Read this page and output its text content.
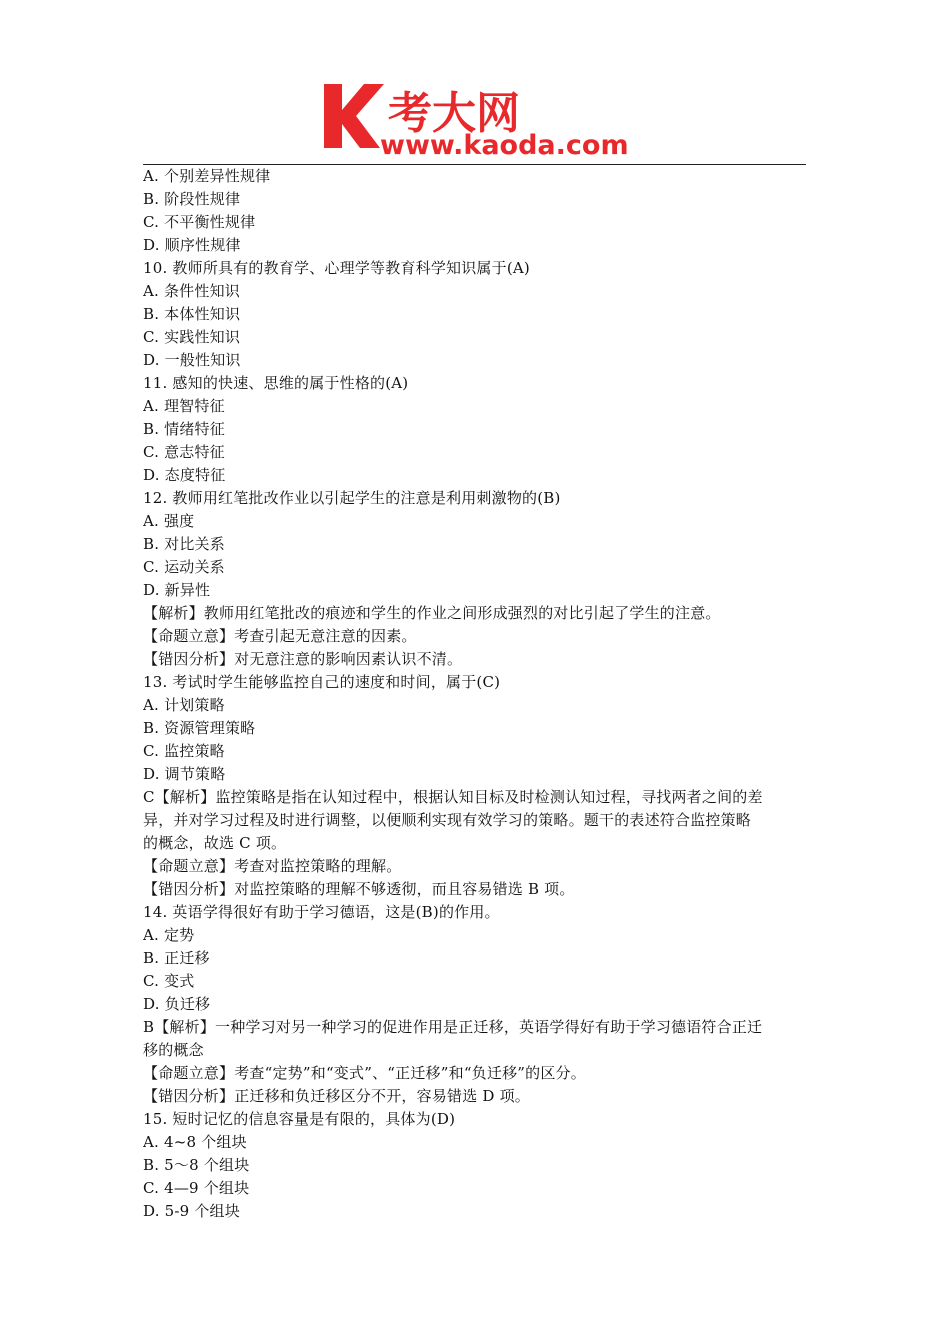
考大网
www.kaoda.com
A. 个别差异性规律
B. 阶段性规律
C. 不平衡性规律
D. 顺序性规律
10. 教师所具有的教育学、心理学等教育科学知识属于(A)
A. 条件性知识
B. 本体性知识
C. 实践性知识
D. 一般性知识
11. 感知的快速、思维的属于性格的(A)
A. 理智特征
B. 情绪特征
C. 意志特征
D. 态度特征
12. 教师用红笔批改作业以引起学生的注意是利用刺激物的(B)
A. 强度
B. 对比关系
C. 运动关系
D. 新异性
【解析】教师用红笔批改的痕迹和学生的作业之间形成强烈的对比引起了学生的注意。
【命题立意】考查引起无意注意的因素。
【错因分析】对无意注意的影响因素认识不清。
13. 考试时学生能够监控自己的速度和时间，属于(C)
A. 计划策略
B. 资源管理策略
C. 监控策略
D. 调节策略
C【解析】监控策略是指在认知过程中，根据认知目标及时检测认知过程，寻找两者之间的差
异，并对学习过程及时进行调整，以便顺利实现有效学习的策略。题干的表述符合监控策略
的概念，故选 C 项。
【命题立意】考查对监控策略的理解。
【错因分析】对监控策略的理解不够透彻，而且容易错选 B 项。
14. 英语学得很好有助于学习德语，这是(B)的作用。
A. 定势
B. 正迁移
C. 变式
D. 负迁移
B【解析】一种学习对另一种学习的促进作用是正迁移，英语学得好有助于学习德语符合正迁
移的概念
【命题立意】考查“定势”和“变式”、“正迁移”和“负迁移”的区分。
【错因分析】正迁移和负迁移区分不开，容易错选 D 项。
15. 短时记忆的信息容量是有限的，具体为(D)
A. 4~8 个组块
B. 5～8 个组块
C. 4—9 个组块
D. 5-9 个组块
